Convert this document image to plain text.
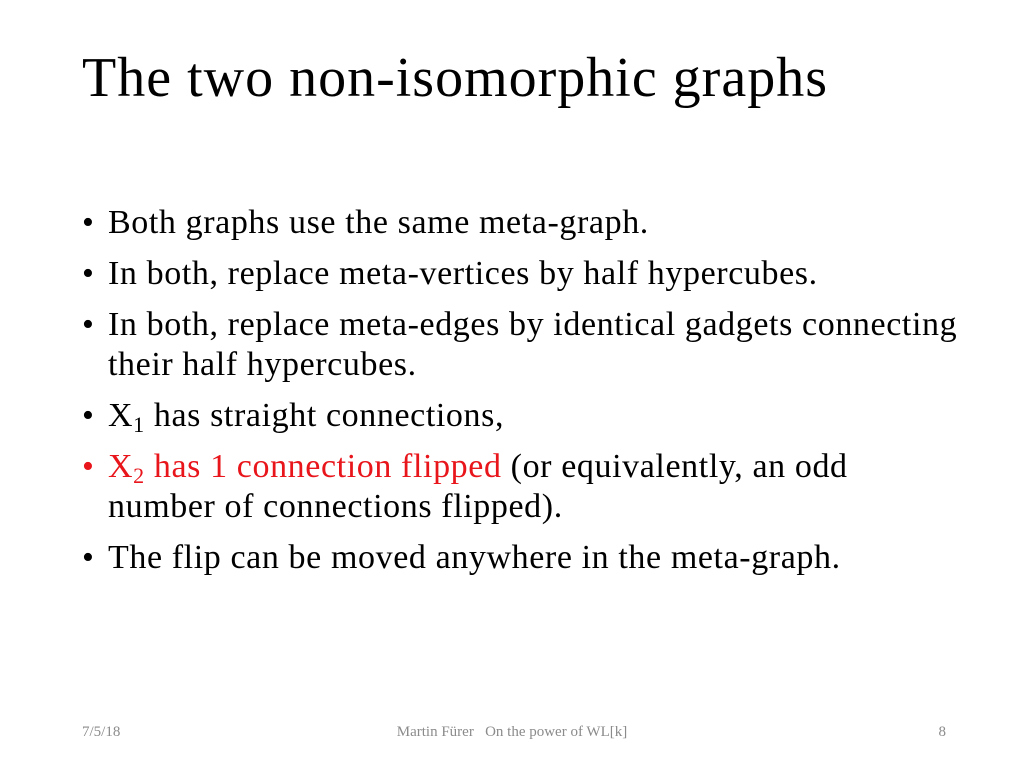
The two non-isomorphic graphs
• Both graphs use the same meta-graph.
• In both, replace meta-vertices by half hypercubes.
• In both, replace meta-edges by identical gadgets connecting their half hypercubes.
• $X_1$ has straight connections,
• $X_2$ has 1 connection flipped (or equivalently, an odd number of connections flipped).
• The flip can be moved anywhere in the meta-graph.
7/5/18	Martin Fürer   On the power of WL[k]	8
